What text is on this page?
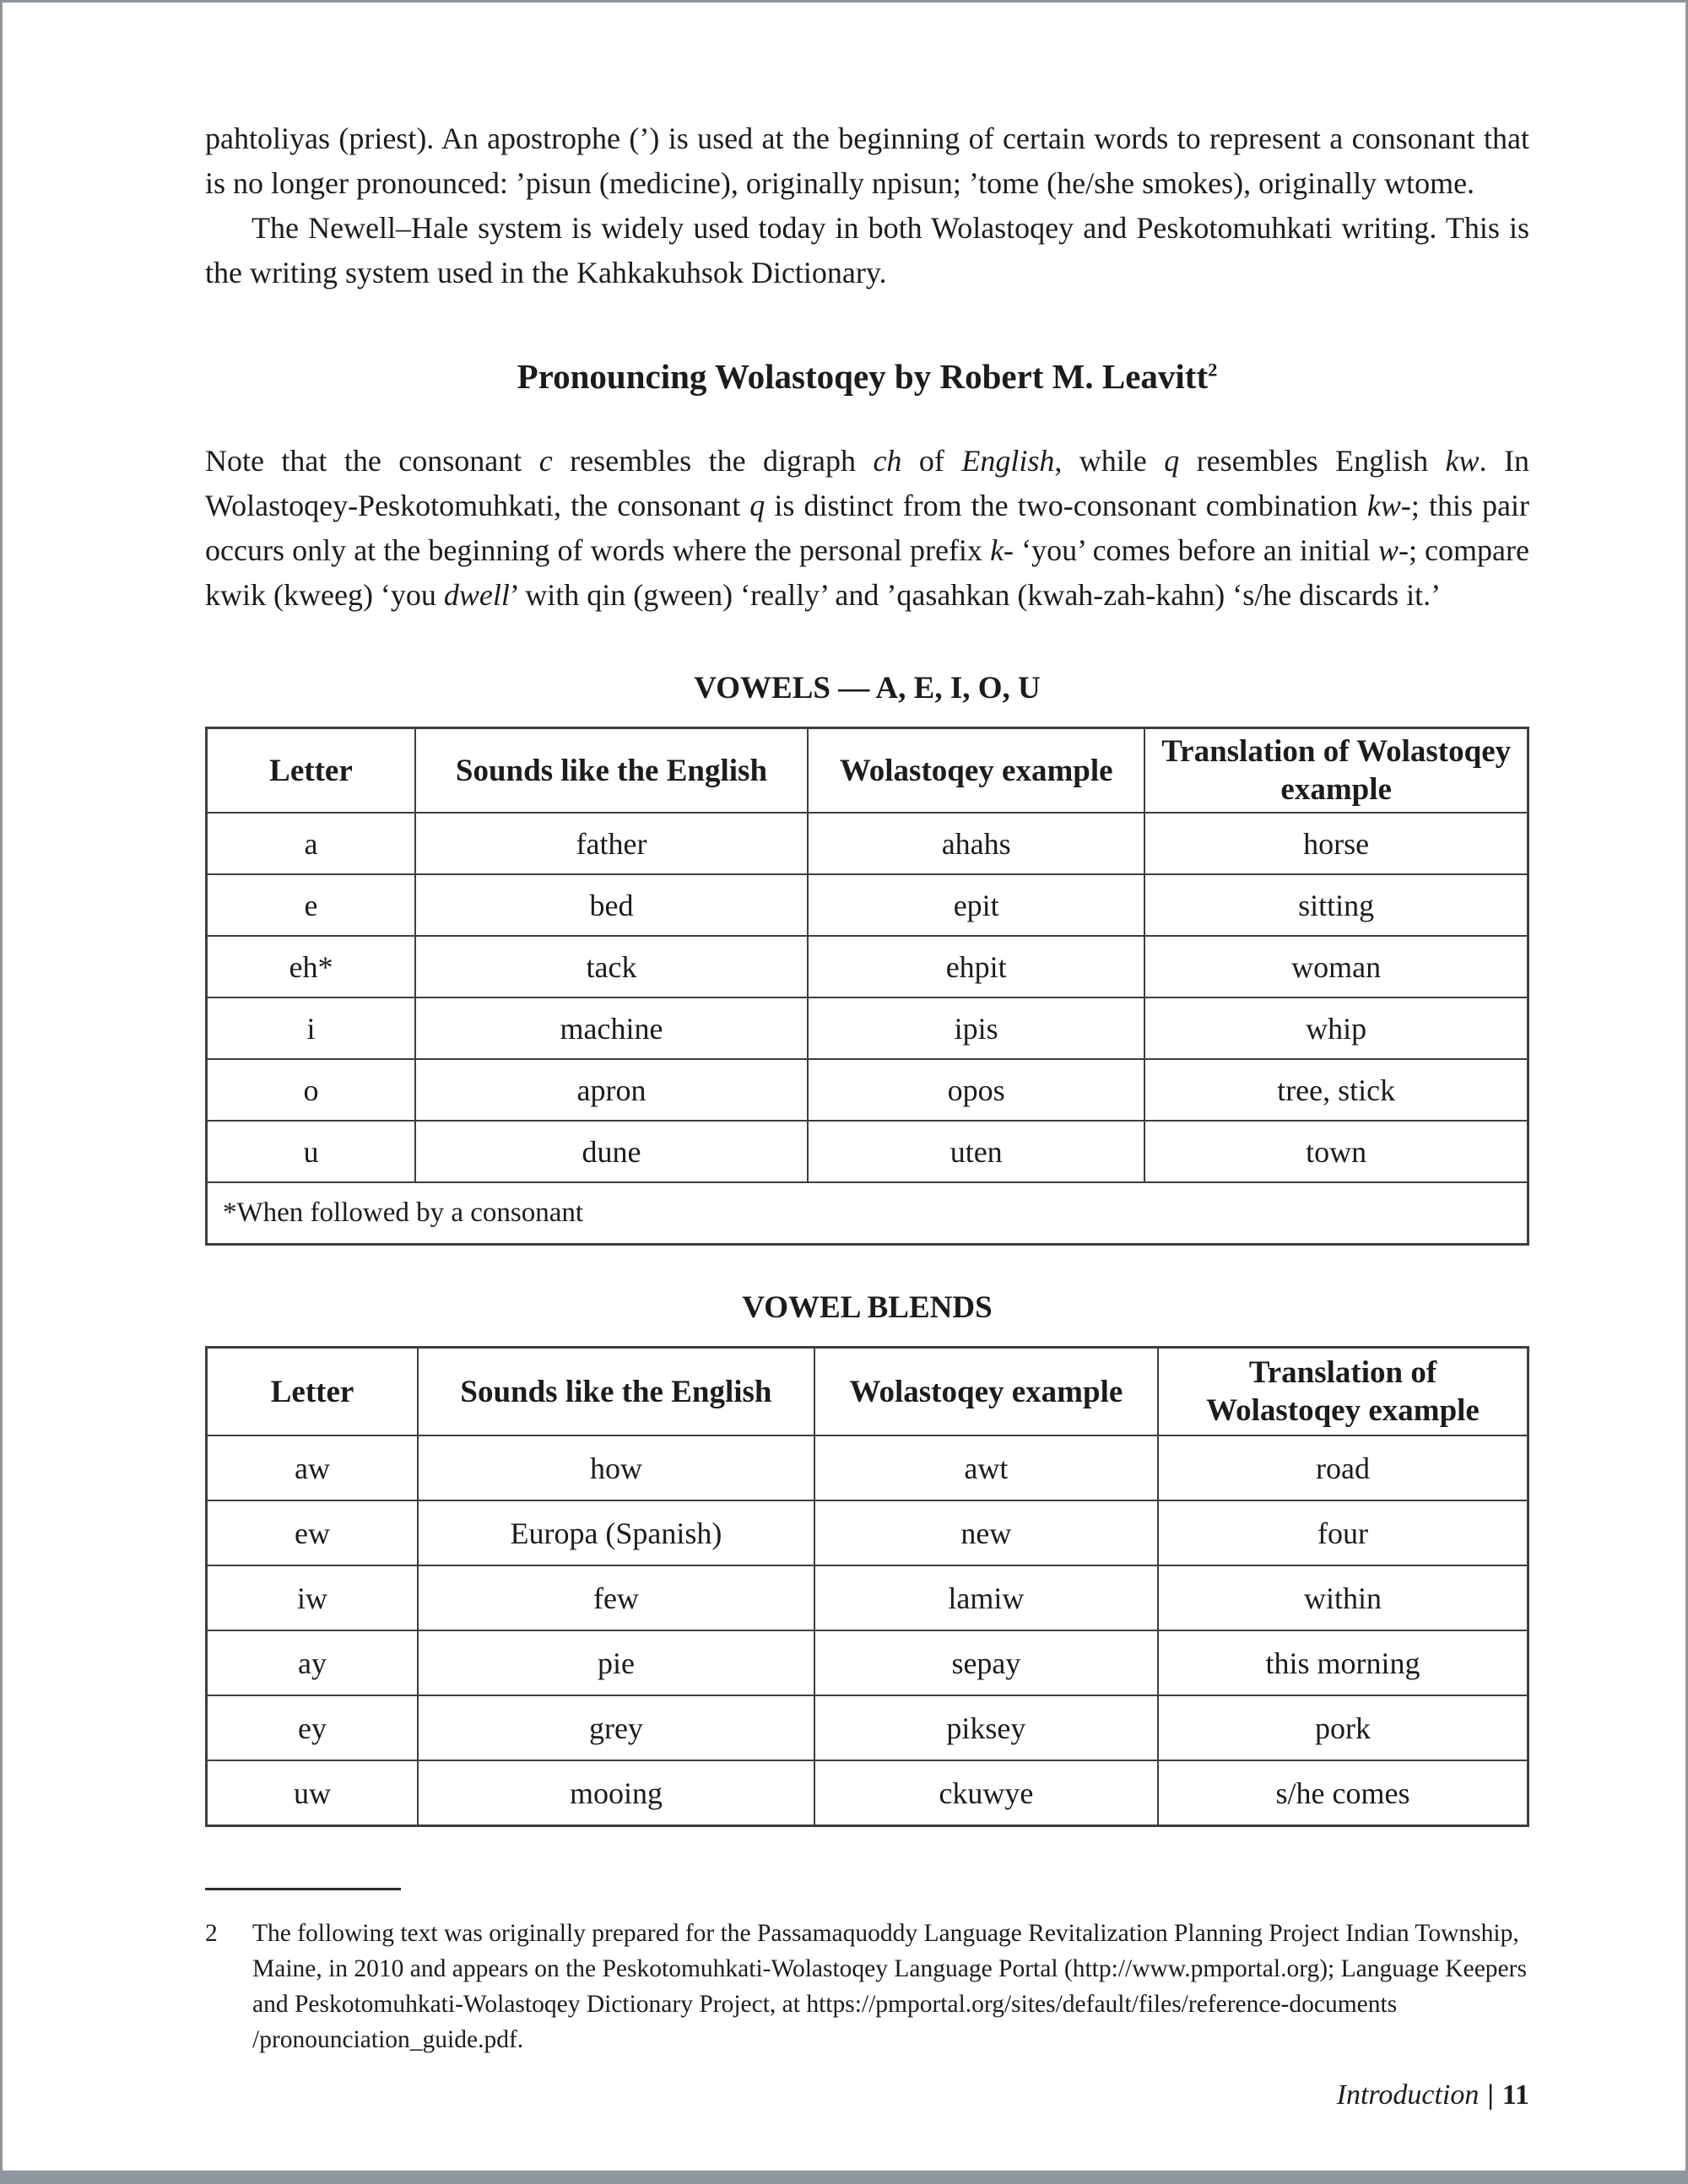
pahtoliyas (priest). An apostrophe (’) is used at the beginning of certain words to represent a consonant that is no longer pronounced: ’pisun (medicine), originally npisun; ’tome (he/she smokes), originally wtome.

The Newell–Hale system is widely used today in both Wolastoqey and Peskotomuhkati writing. This is the writing system used in the Kahkakuhsok Dictionary.

Pronouncing Wolastoqey by Robert M. Leavitt$^2$

Note that the consonant c resembles the digraph ch of English, while q resembles English kw. In Wolastoqey-Peskotomuhkati, the consonant q is distinct from the two-consonant combination kw-; this pair occurs only at the beginning of words where the personal prefix k- ‘you’ comes before an initial w-; compare kwik (kweeg) ‘you dwell’ with qin (gween) ‘really’ and ’qasahkan (kwah-zah-kahn) ‘s/he discards it.’

VOWELS — A, E, I, O, U
Letter	Sounds like the English	Wolastoqey example	Translation of Wolastoqey example
a	father	ahahs	horse
e	bed	epit	sitting
eh*	tack	ehpit	woman
i	machine	ipis	whip
o	apron	opos	tree, stick
u	dune	uten	town
*When followed by a consonant			
VOWEL BLENDS
Letter	Sounds like the English	Wolastoqey example	Translation of Wolastoqey example
aw	how	awt	road
ew	Europa (Spanish)	new	four
iw	few	lamiw	within
ay	pie	sepay	this morning
ey	grey	piksey	pork
uw	mooing	ckuwye	s/he comes
2	The following text was originally prepared for the Passamaquoddy Language Revitalization Planning Project Indian Township, Maine, in 2010 and appears on the Peskotomuhkati-Wolastoqey Language Portal (http://www.pmportal.org); Language Keepers and Peskotomuhkati-Wolastoqey Dictionary Project, at https://pmportal.org/sites/default/files/reference-documents /pronounciation_guide.pdf.
Introduction | 11
